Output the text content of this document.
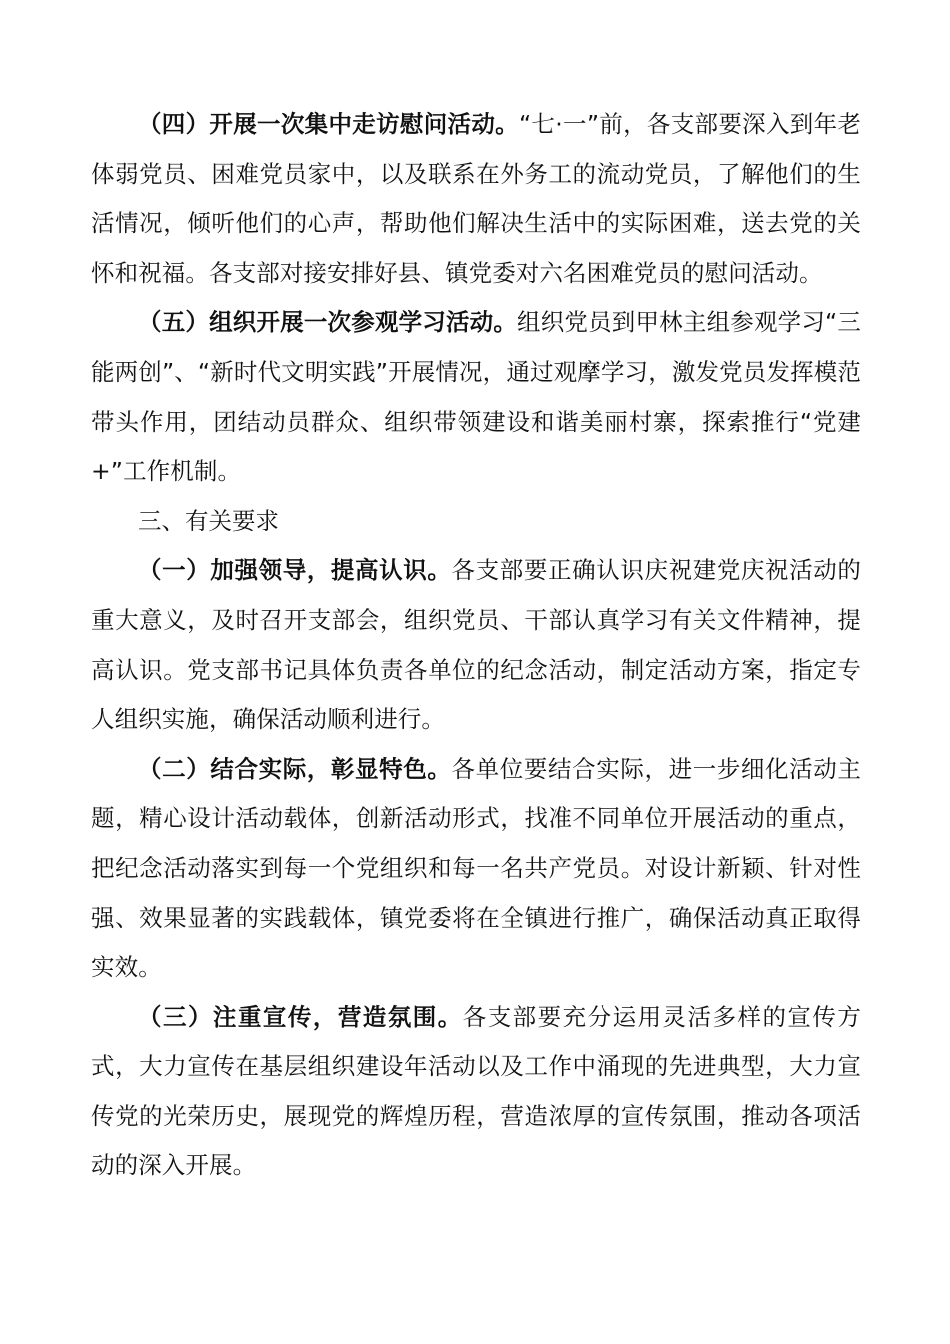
（四）开展一次集中走访慰问活动。“七·一”前，各支部要深入到年老体弱党员、困难党员家中，以及联系在外务工的流动党员，了解他们的生活情况，倾听他们的心声，帮助他们解决生活中的实际困难，送去党的关怀和祝福。各支部对接安排好县、镇党委对六名困难党员的慰问活动。

（五）组织开展一次参观学习活动。组织党员到甲林主组参观学习“三能两创”、“新时代文明实践”开展情况，通过观摩学习，激发党员发挥模范带头作用，团结动员群众、组织带领建设和谐美丽村寨，探索推行“党建+”工作机制。

三、有关要求

（一）加强领导，提高认识。各支部要正确认识庆祝建党庆祝活动的重大意义，及时召开支部会，组织党员、干部认真学习有关文件精神，提高认识。党支部书记具体负责各单位的纪念活动，制定活动方案，指定专人组织实施，确保活动顺利进行。

（二）结合实际，彰显特色。各单位要结合实际，进一步细化活动主题，精心设计活动载体，创新活动形式，找准不同单位开展活动的重点，把纪念活动落实到每一个党组织和每一名共产党员。对设计新颖、针对性强、效果显著的实践载体，镇党委将在全镇进行推广，确保活动真正取得实效。

（三）注重宣传，营造氛围。各支部要充分运用灵活多样的宣传方式，大力宣传在基层组织建设年活动以及工作中涌现的先进典型，大力宣传党的光荣历史，展现党的辉煌历程，营造浓厚的宣传氛围，推动各项活动的深入开展。
